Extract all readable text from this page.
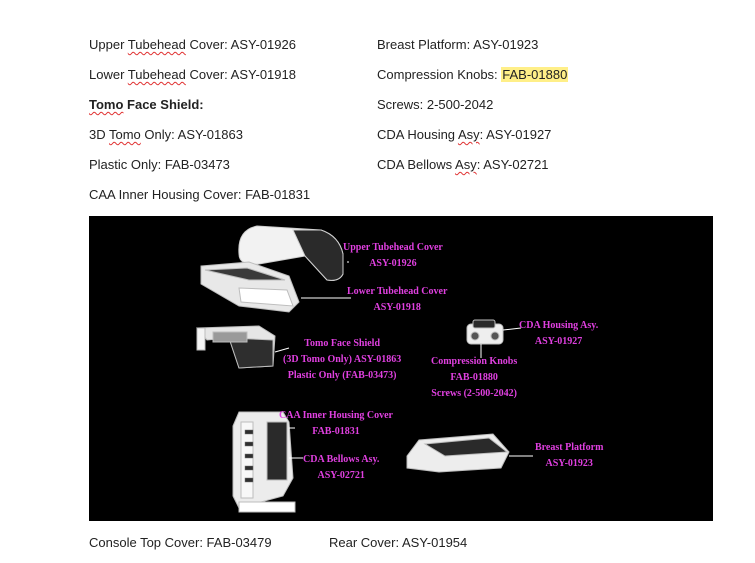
Upper Tubehead Cover: ASY-01926
Lower Tubehead Cover: ASY-01918
Tomo Face Shield:
3D Tomo Only: ASY-01863
Plastic Only: FAB-03473
CAA Inner Housing Cover: FAB-01831
Breast Platform: ASY-01923
Compression Knobs: FAB-01880
Screws: 2-500-2042
CDA Housing Asy: ASY-01927
CDA Bellows Asy: ASY-02721
Upper Tubehead Cover
ASY-01926
Lower Tubehead Cover
ASY-01918
Tomo Face Shield
(3D Tomo Only) ASY-01863
Plastic Only (FAB-03473)
CDA Housing Asy.
ASY-01927
Compression Knobs
FAB-01880
Screws (2-500-2042)
CAA Inner Housing Cover
FAB-01831
CDA Bellows Asy.
ASY-02721
Breast Platform
ASY-01923
Console Top Cover: FAB-03479	Rear Cover: ASY-01954
